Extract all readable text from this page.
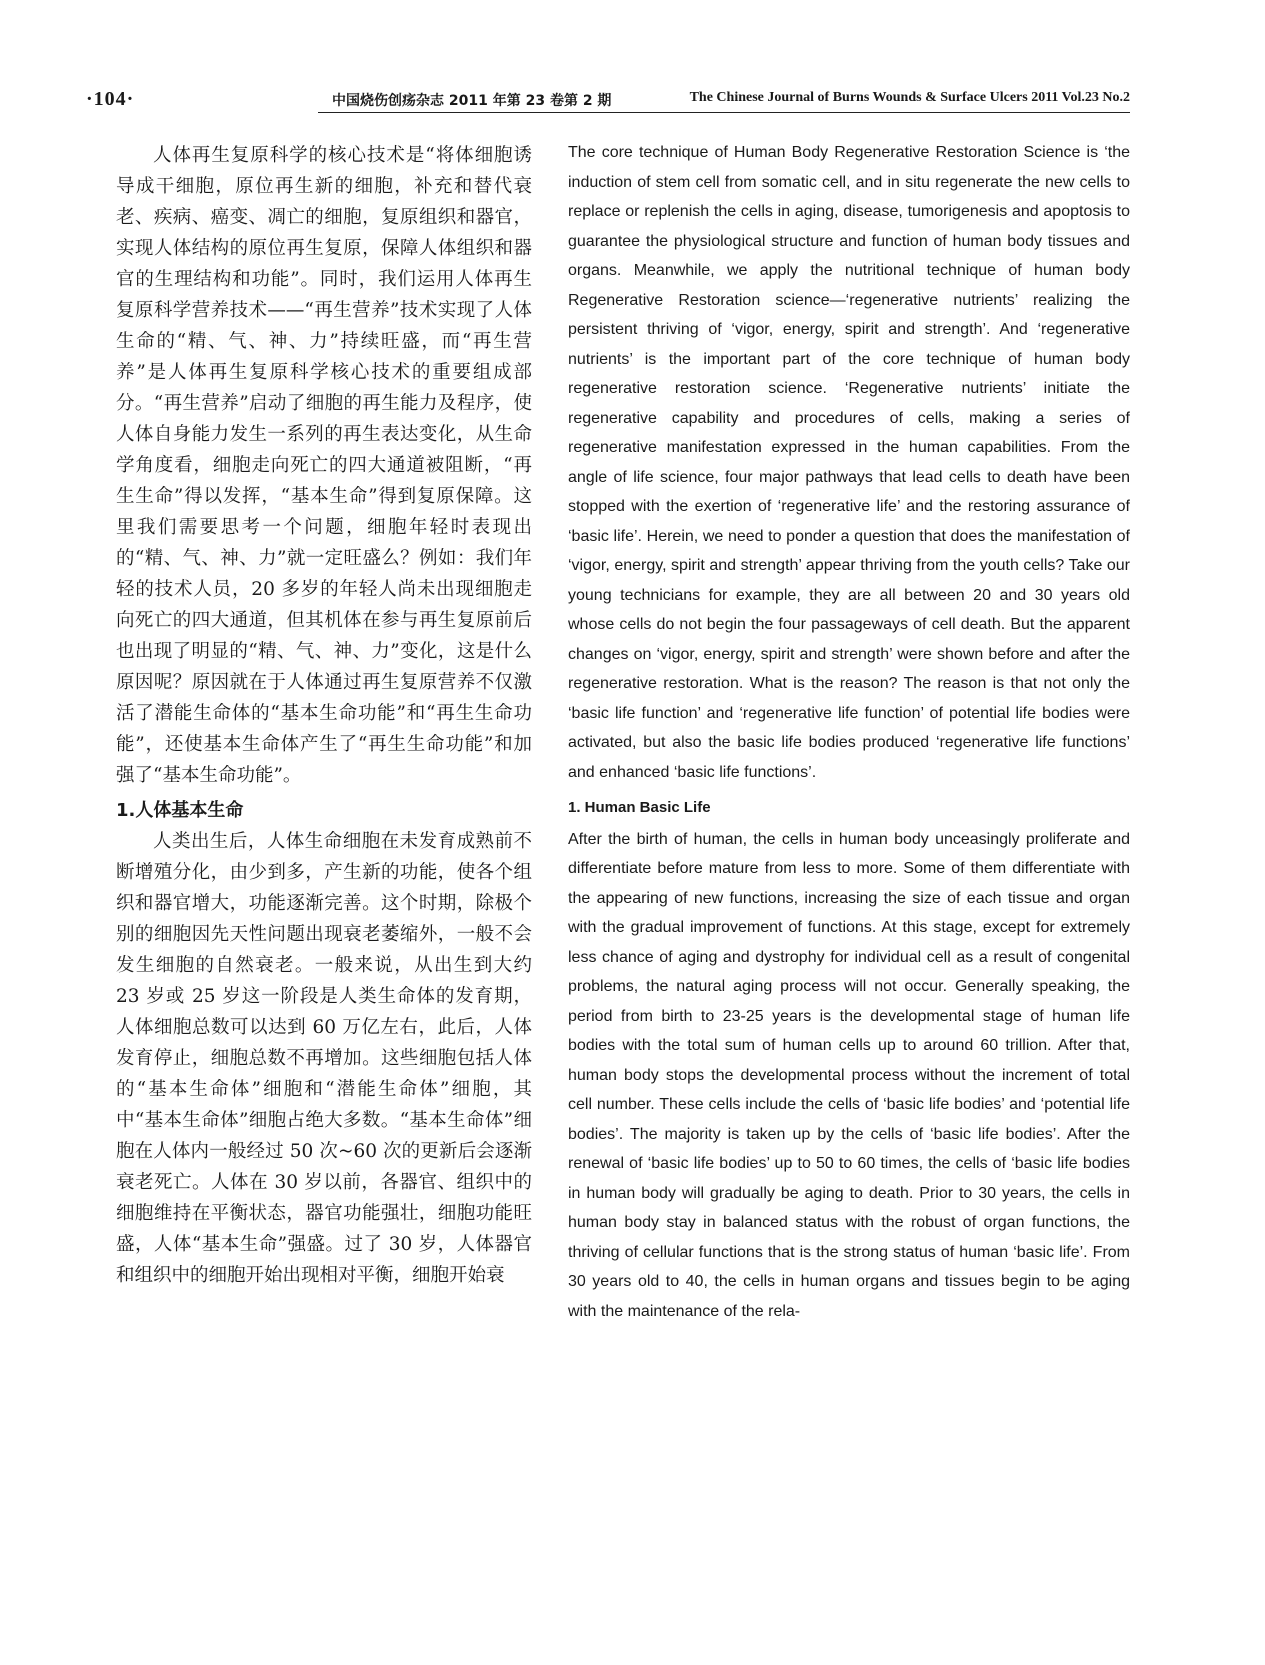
·104·	中国烧伤创疡杂志 2011 年第 23 卷第 2 期	The Chinese Journal of Burns Wounds & Surface Ulcers 2011 Vol.23 No.2

人体再生复原科学的核心技术是“将体细胞诱导成干细胞，原位再生新的细胞，补充和替代衰老、疾病、癌变、凋亡的细胞，复原组织和器官，实现人体结构的原位再生复原，保障人体组织和器官的生理结构和功能”。同时，我们运用人体再生复原科学营养技术——“再生营养”技术实现了人体生命的“精、气、神、力”持续旺盛，而“再生营养”是人体再生复原科学核心技术的重要组成部分。“再生营养”启动了细胞的再生能力及程序，使人体自身能力发生一系列的再生表达变化，从生命学角度看，细胞走向死亡的四大通道被阻断，“再生生命”得以发挥，“基本生命”得到复原保障。这里我们需要思考一个问题，细胞年轻时表现出的“精、气、神、力”就一定旺盛么？例如：我们年轻的技术人员，20 多岁的年轻人尚未出现细胞走向死亡的四大通道，但其机体在参与再生复原前后也出现了明显的“精、气、神、力”变化，这是什么原因呢？原因就在于人体通过再生复原营养不仅激活了潜能生命体的“基本生命功能”和“再生生命功能”，还使基本生命体产生了“再生生命功能”和加强了“基本生命功能”。

1.人体基本生命

人类出生后，人体生命细胞在未发育成熟前不断增殖分化，由少到多，产生新的功能，使各个组织和器官增大，功能逐渐完善。这个时期，除极个别的细胞因先天性问题出现衰老萎缩外，一般不会发生细胞的自然衰老。一般来说，从出生到大约 23 岁或 25 岁这一阶段是人类生命体的发育期，人体细胞总数可以达到 60 万亿左右，此后，人体发育停止，细胞总数不再增加。这些细胞包括人体的“基本生命体”细胞和“潜能生命体”细胞，其中“基本生命体”细胞占绝大多数。“基本生命体”细胞在人体内一般经过 50 次~60 次的更新后会逐渐衰老死亡。人体在 30 岁以前，各器官、组织中的细胞维持在平衡状态，器官功能强壮，细胞功能旺盛，人体“基本生命”强盛。过了 30 岁，人体器官和组织中的细胞开始出现相对平衡，细胞开始衰

The core technique of Human Body Regenerative Restoration Science is ‘the induction of stem cell from somatic cell, and in situ regenerate the new cells to replace or replenish the cells in aging, disease, tumorigenesis and apoptosis to guarantee the physiological structure and function of human body tissues and organs. Meanwhile, we apply the nutritional technique of human body Regenerative Restoration science—‘regenerative nutrients’ realizing the persistent thriving of ‘vigor, energy, spirit and strength’. And ‘regenerative nutrients’ is the important part of the core technique of human body regenerative restoration science. ‘Regenerative nutrients’ initiate the regenerative capability and procedures of cells, making a series of regenerative manifestation expressed in the human capabilities. From the angle of life science, four major pathways that lead cells to death have been stopped with the exertion of ‘regenerative life’ and the restoring assurance of ‘basic life’. Herein, we need to ponder a question that does the manifestation of ‘vigor, energy, spirit and strength’ appear thriving from the youth cells? Take our young technicians for example, they are all between 20 and 30 years old whose cells do not begin the four passageways of cell death. But the apparent changes on ‘vigor, energy, spirit and strength’ were shown before and after the regenerative restoration. What is the reason? The reason is that not only the ‘basic life function’ and ‘regenerative life function’ of potential life bodies were activated, but also the basic life bodies produced ‘regenerative life functions’ and enhanced ‘basic life functions’.

1. Human Basic Life

After the birth of human, the cells in human body unceasingly proliferate and differentiate before mature from less to more. Some of them differentiate with the appearing of new functions, increasing the size of each tissue and organ with the gradual improvement of functions. At this stage, except for extremely less chance of aging and dystrophy for individual cell as a result of congenital problems, the natural aging process will not occur. Generally speaking, the period from birth to 23-25 years is the developmental stage of human life bodies with the total sum of human cells up to around 60 trillion. After that, human body stops the developmental process without the increment of total cell number. These cells include the cells of ‘basic life bodies’ and ‘potential life bodies’. The majority is taken up by the cells of ‘basic life bodies’. After the renewal of ‘basic life bodies’ up to 50 to 60 times, the cells of ‘basic life bodies in human body will gradually be aging to death. Prior to 30 years, the cells in human body stay in balanced status with the robust of organ functions, the thriving of cellular functions that is the strong status of human ‘basic life’. From 30 years old to 40, the cells in human organs and tissues begin to be aging with the maintenance of the rela-
